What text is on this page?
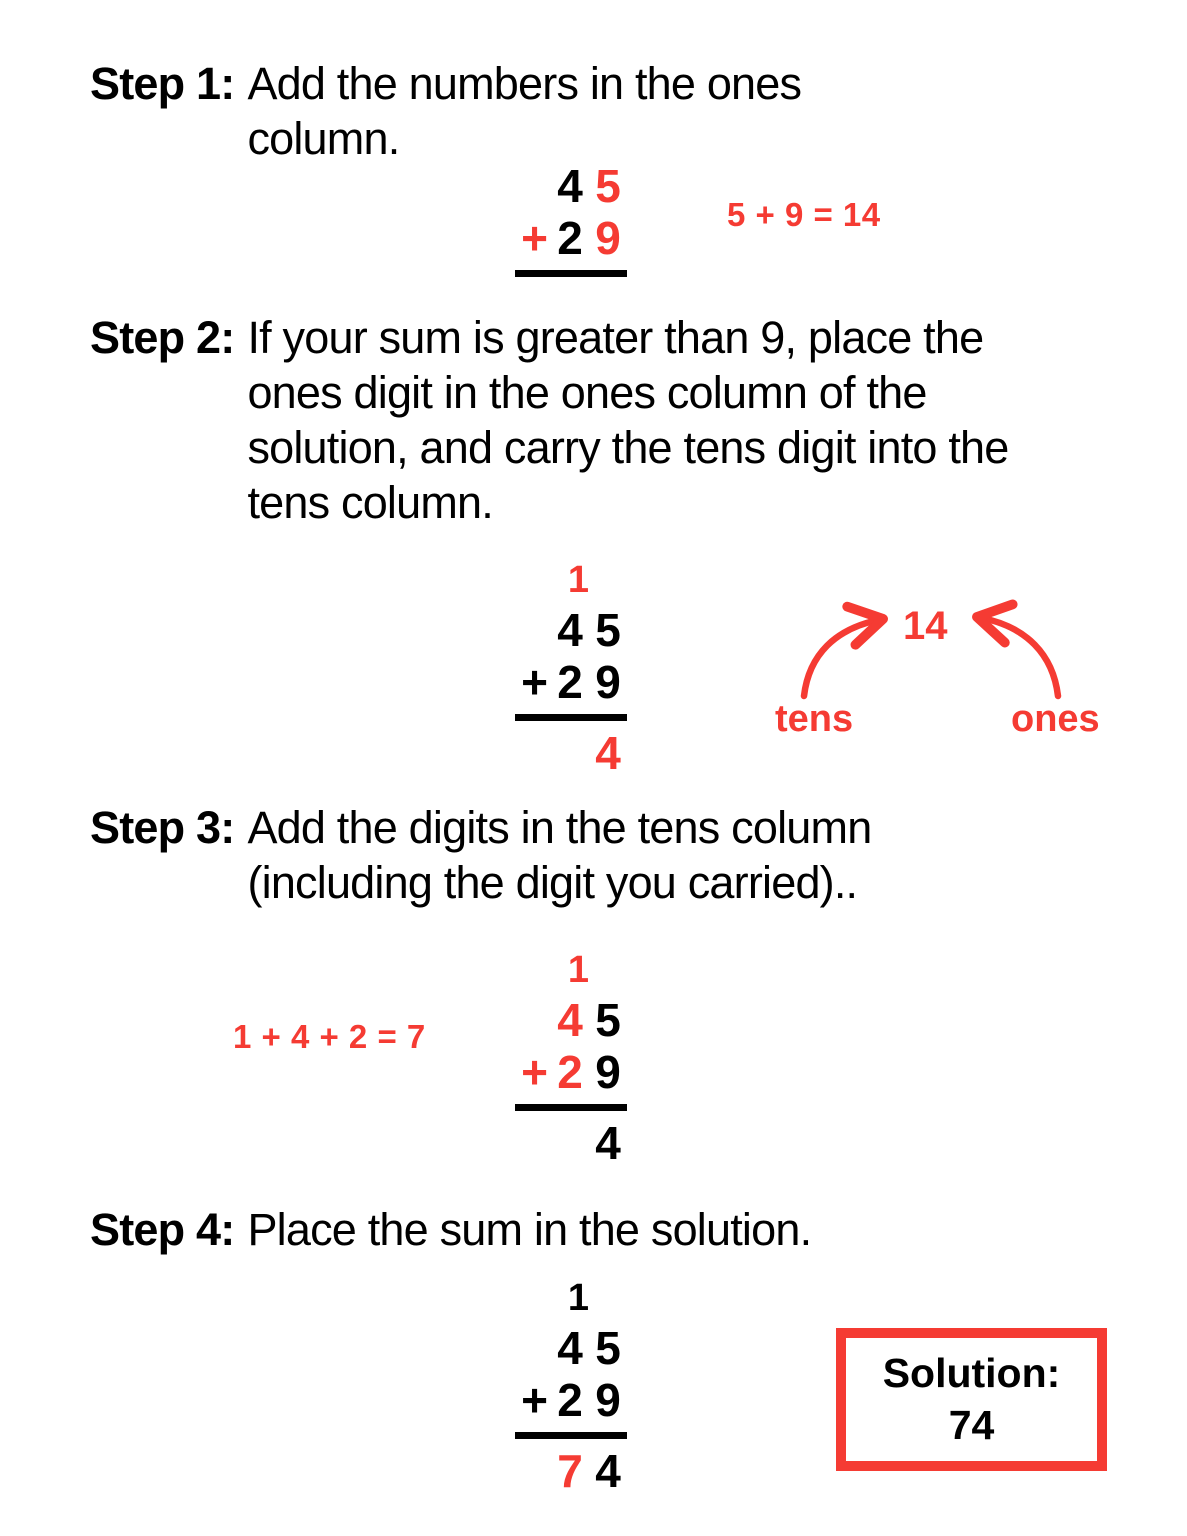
Step 1: Add the numbers in the ones column.
4 5
+ 2 9	5 + 9 = 14
Step 2: If your sum is greater than 9, place the ones digit in the ones column of the solution, and carry the tens digit into the tens column.
1
4 5
+ 2 9
4
14
tens	ones
Step 3: Add the digits in the tens column (including the digit you carried)..
1 + 4 + 2 = 7
1
4 5
+ 2 9
4
Step 4: Place the sum in the solution.
1
4 5
+ 2 9
7 4
Solution:
74
